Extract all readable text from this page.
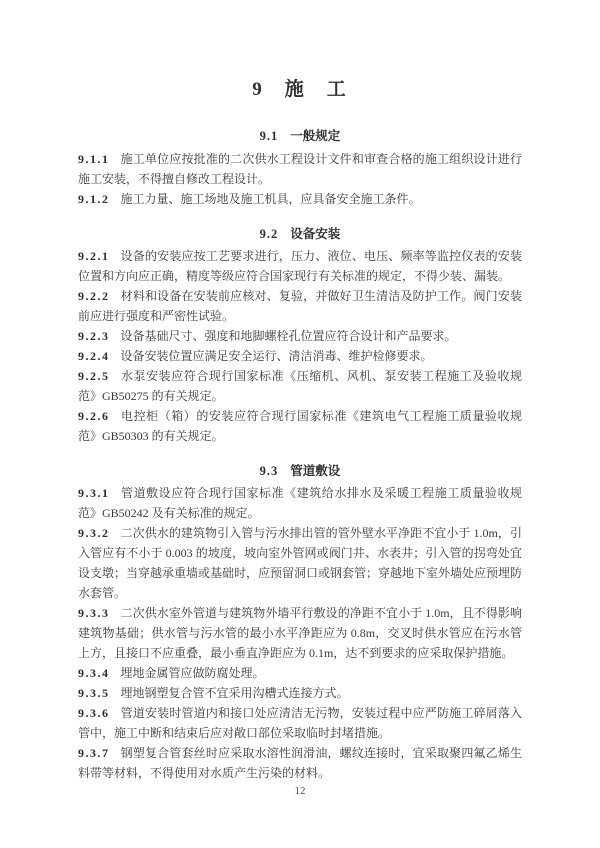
9　施　工
9.1 一般规定

9.1.1 施工单位应按批准的二次供水工程设计文件和审查合格的施工组织设计进行施工安装，不得擅自修改工程设计。

9.1.2 施工力量、施工场地及施工机具，应具备安全施工条件。

9.2 设备安装

9.2.1 设备的安装应按工艺要求进行，压力、液位、电压、频率等监控仪表的安装位置和方向应正确，精度等级应符合国家现行有关标准的规定，不得少装、漏装。

9.2.2 材料和设备在安装前应核对、复验，并做好卫生清洁及防护工作。阀门安装前应进行强度和严密性试验。

9.2.3 设备基础尺寸、强度和地脚螺栓孔位置应符合设计和产品要求。

9.2.4 设备安装位置应满足安全运行、清洁消毒、维护检修要求。

9.2.5 水泵安装应符合现行国家标准《压缩机、风机、泵安装工程施工及验收规范》GB50275 的有关规定。

9.2.6 电控柜（箱）的安装应符合现行国家标准《建筑电气工程施工质量验收规范》GB50303 的有关规定。

9.3 管道敷设

9.3.1 管道敷设应符合现行国家标准《建筑给水排水及采暖工程施工质量验收规范》GB50242 及有关标准的规定。

9.3.2 二次供水的建筑物引入管与污水排出管的管外壁水平净距不宜小于 1.0m，引入管应有不小于 0.003 的坡度，坡向室外管网或阀门井、水表井；引入管的拐弯处宜设支墩；当穿越承重墙或基础时，应预留洞口或钢套管；穿越地下室外墙处应预埋防水套管。

9.3.3 二次供水室外管道与建筑物外墙平行敷设的净距不宜小于 1.0m，且不得影响建筑物基础；供水管与污水管的最小水平净距应为 0.8m，交叉时供水管应在污水管上方，且接口不应重叠，最小垂直净距应为 0.1m，达不到要求的应采取保护措施。

9.3.4 埋地金属管应做防腐处理。

9.3.5 埋地钢塑复合管不宜采用沟槽式连接方式。

9.3.6 管道安装时管道内和接口处应清洁无污物，安装过程中应严防施工碎屑落入管中，施工中断和结束后应对敞口部位采取临时封堵措施。

9.3.7 钢塑复合管套丝时应采取水溶性润滑油，螺纹连接时，宜采取聚四氟乙烯生料带等材料，不得使用对水质产生污染的材料。

12
